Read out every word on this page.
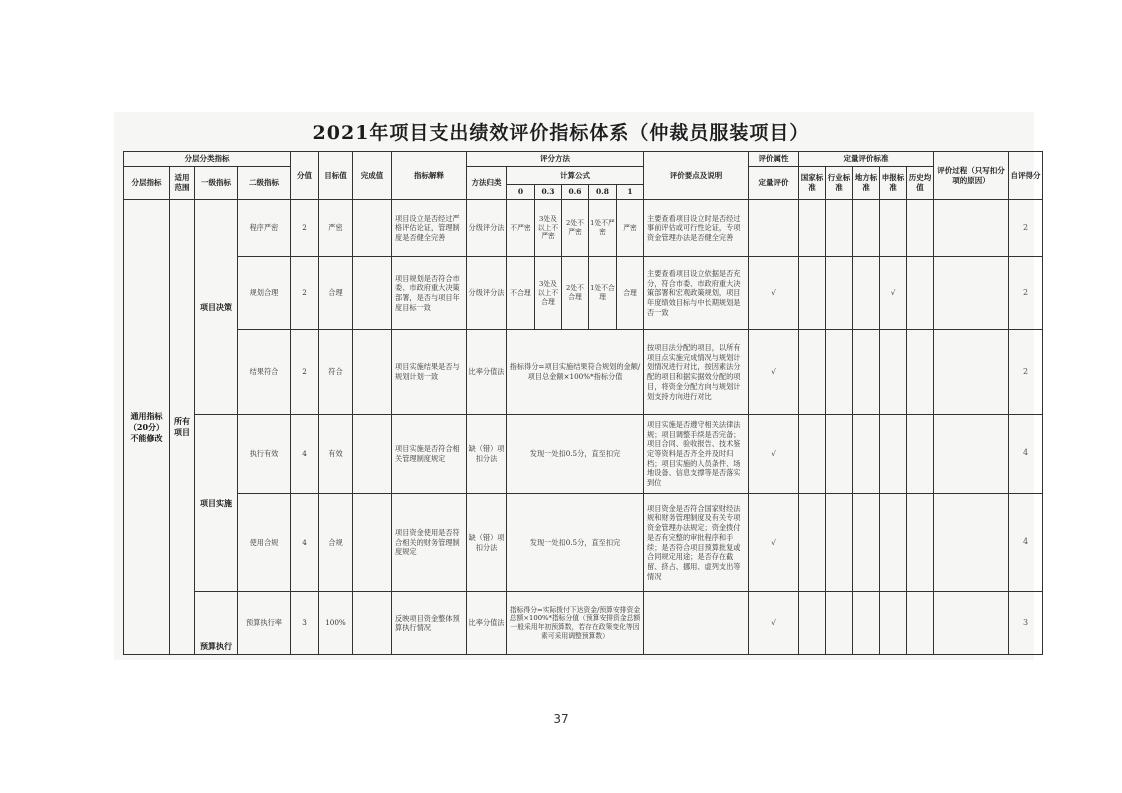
2021年项目支出绩效评价指标体系（仲裁员服装项目）
分层分类指标				分值	目标值	完成值	指标解释	评分方法						评价要点及说明	评价属性	定量评价标准					评价过程（只写扣分项的原因）	自评得分
分层指标	适用范围	一级指标	二级指标					方法归类	计算公式						定量评价	国家标准	行业标准	地方标准	申报标准	历史均值		
									0	0.3	0.6	0.8	1									
通用指标（20分）不能修改	所有项目	项目决策	程序严密	2	严密		项目设立是否经过严格评估论证，管理制度是否健全完善	分级评分法	不严密	3处及以上不严密	2处不严密	1处不严密	严密	主要查看项目设立时是否经过事前评估或可行性论证，专项资金管理办法是否健全完善								2
			规划合理	2	合理		项目规划是否符合市委、市政府重大决策部署，是否与项目年度目标一致	分级评分法	不合理	3处及以上不合理	2处不合理	1处不合理	合理	主要查看项目设立依据是否充分，符合市委、市政府重大决策部署和宏观政策规划，项目年度绩效目标与中长期规划是否一致	√				√			2
			结果符合	2	符合		项目实施结果是否与规划计划一致	比率分值法	指标得分=项目实施结果符合规划的金额/项目总金额×100%*指标分值					按项目法分配的项目，以所有项目点实施完成情况与规划计划情况进行对比，按因素法分配的项目和据实据效分配的项目，将资金分配方向与规划计划支持方向进行对比	√							2
		项目实施	执行有效	4	有效		项目实施是否符合相关管理制度规定	缺（错）项扣分法	发现一处扣0.5分，直至扣完					项目实施是否遵守相关法律法规；项目调整手续是否完备；项目合同、验收报告、技术鉴定等资料是否齐全并及时归档；项目实施的人员条件、场地设备、信息支撑等是否落实到位	√							4
			使用合规	4	合规		项目资金使用是否符合相关的财务管理制度规定	缺（错）项扣分法	发现一处扣0.5分，直至扣完					项目资金是否符合国家财经法规和财务管理制度及有关专项资金管理办法规定；资金拨付是否有完整的审批程序和手续；是否符合项目预算批复或合同规定用途；是否存在截留、挤占、挪用、虚列支出等情况	√							4
		预算执行	预算执行率	3	100%		反映项目资金整体预算执行情况	比率分值法	指标得分=实际拨付下达资金/预算安排资金总额×100%*指标分值（预算安排资金总额一般采用年初预算数，若存在政策变化等因素可采用调整预算数）						√							3
37
